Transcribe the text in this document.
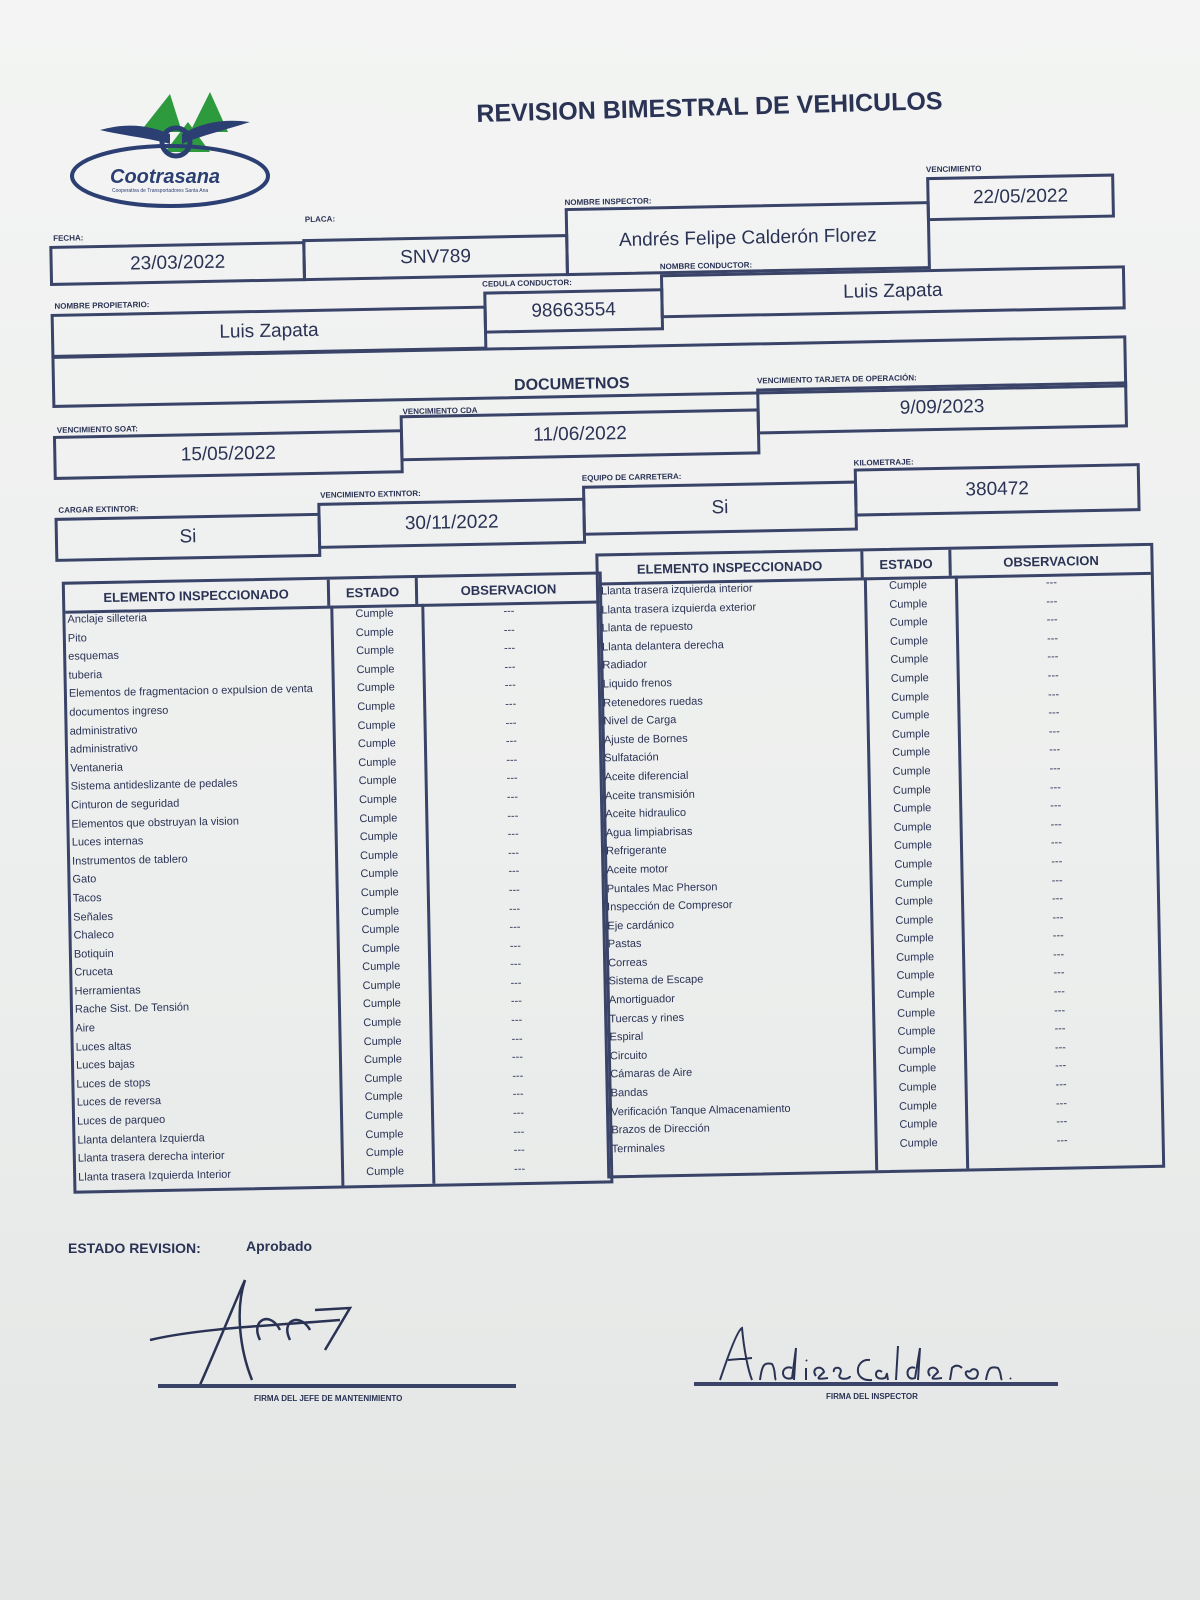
Cootrasana
Cooperativa de Transportadores Santa Ana
REVISION BIMESTRAL DE VEHICULOS
VENCIMIENTO
NOMBRE INSPECTOR:
PLACA:
FECHA:
22/05/2022
23/03/2022	SNV789
Andrés Felipe Calderón Florez
NOMBRE CONDUCTOR:
CEDULA CONDUCTOR:
NOMBRE PROPIETARIO:
Luis Zapata
98663554
Luis Zapata
DOCUMETNOS	VENCIMIENTO TARJETA DE OPERACIÓN:
VENCIMIENTO CDA
VENCIMIENTO SOAT:
15/05/2022
11/06/2022
9/09/2023
KILOMETRAJE:
EQUIPO DE CARRETERA:
VENCIMIENTO EXTINTOR:
CARGAR EXTINTOR:
Si
30/11/2022
Si
380472
ELEMENTO INSPECCIONADO	ESTADO	OBSERVACION
Anclaje silleteria	Cumple	---
Pito	Cumple	---
esquemas	Cumple	---
tuberia	Cumple	---
Elementos de fragmentacion o expulsion de venta	Cumple	---
documentos ingreso	Cumple	---
administrativo	Cumple	---
administrativo	Cumple	---
Ventaneria	Cumple	---
Sistema antideslizante de pedales	Cumple	---
Cinturon de seguridad	Cumple	---
Elementos que obstruyan la vision	Cumple	---
Luces internas	Cumple	---
Instrumentos de tablero	Cumple	---
Gato	Cumple	---
Tacos	Cumple	---
Señales	Cumple	---
Chaleco	Cumple	---
Botiquin	Cumple	---
Cruceta	Cumple	---
Herramientas	Cumple	---
Rache Sist. De Tensión	Cumple	---
Aire	Cumple	---
Luces altas	Cumple	---
Luces bajas	Cumple	---
Luces de stops	Cumple	---
Luces de reversa	Cumple	---
Luces de parqueo	Cumple	---
Llanta delantera Izquierda	Cumple	---
Llanta trasera derecha interior	Cumple	---
Llanta trasera Izquierda Interior	Cumple	---
ELEMENTO INSPECCIONADO	ESTADO	OBSERVACION
Llanta trasera izquierda interior	Cumple	---
Llanta trasera izquierda exterior	Cumple	---
Llanta de repuesto	Cumple	---
Llanta delantera derecha	Cumple	---
Radiador	Cumple	---
Liquido frenos	Cumple	---
Retenedores ruedas	Cumple	---
Nivel de Carga	Cumple	---
Ajuste de Bornes	Cumple	---
Sulfatación	Cumple	---
Aceite diferencial	Cumple	---
Aceite transmisión	Cumple	---
Aceite hidraulico	Cumple	---
Agua limpiabrisas	Cumple	---
Refrigerante	Cumple	---
Aceite motor	Cumple	---
Puntales Mac Pherson	Cumple	---
Inspección de Compresor	Cumple	---
Eje cardánico	Cumple	---
Pastas	Cumple	---
Correas	Cumple	---
Sistema de Escape	Cumple	---
Amortiguador	Cumple	---
Tuercas y rines	Cumple	---
Espiral	Cumple	---
Circuito	Cumple	---
Cámaras de Aire	Cumple	---
Bandas	Cumple	---
Verificación Tanque Almacenamiento	Cumple	---
Brazos de Dirección	Cumple	---
Terminales	Cumple	---
ESTADO REVISION:	Aprobado
FIRMA DEL JEFE DE MANTENIMIENTO	FIRMA DEL INSPECTOR
